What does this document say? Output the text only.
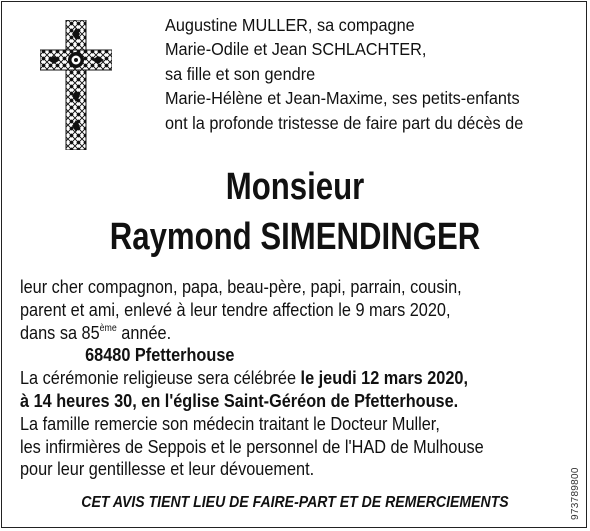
Augustine MULLER, sa compagne
Marie-Odile et Jean SCHLACHTER,
sa fille et son gendre
Marie-Hélène et Jean-Maxime, ses petits-enfants
ont la profonde tristesse de faire part du décès de
Monsieur
Raymond SIMENDINGER
leur cher compagnon, papa, beau-père, papi, parrain, cousin,
parent et ami, enlevé à leur tendre affection le 9 mars 2020,
dans sa 85ème année.
68480 Pfetterhouse
La cérémonie religieuse sera célébrée le jeudi 12 mars 2020,
à 14 heures 30, en l'église Saint-Géréon de Pfetterhouse.
La famille remercie son médecin traitant le Docteur Muller,
les infirmières de Seppois et le personnel de l'HAD de Mulhouse
pour leur gentillesse et leur dévouement.
CET AVIS TIENT LIEU DE FAIRE-PART ET DE REMERCIEMENTS	973789800
